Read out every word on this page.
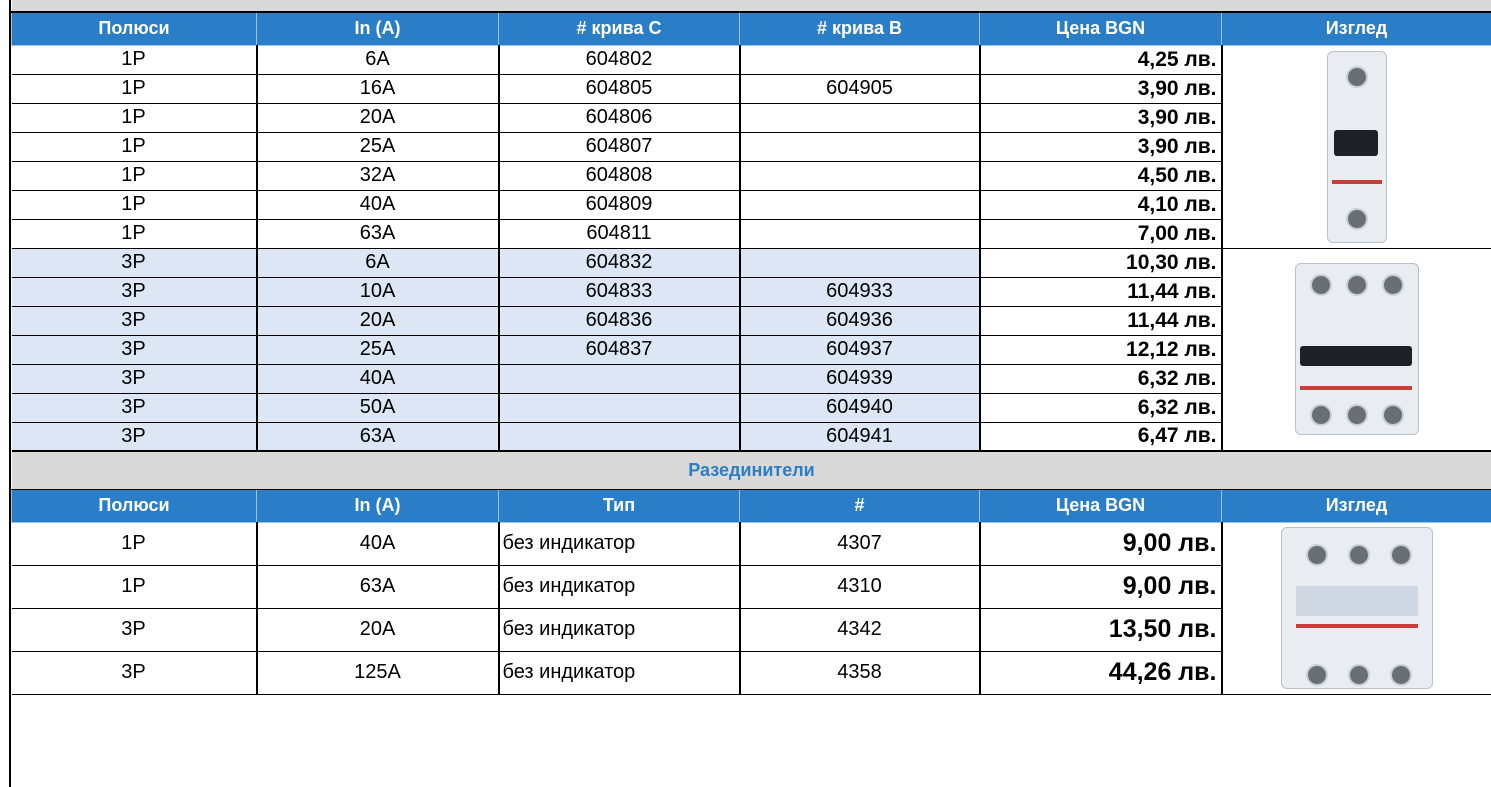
Полюси	In (A)	# крива C	# крива B	Цена BGN	Изглед
1P	6A	604802		4,25 лв.	

1P	16A	604805	604905	3,90 лв.	
1P	20A	604806		3,90 лв.	
1P	25A	604807		3,90 лв.	
1P	32A	604808		4,50 лв.	
1P	40A	604809		4,10 лв.	
1P	63A	604811		7,00 лв.	
3P	6A	604832		10,30 лв.	

3P	10A	604833	604933	11,44 лв.	
3P	20A	604836	604936	11,44 лв.	
3P	25A	604837	604937	12,12 лв.	
3P	40A		604939	6,32 лв.	
3P	50A		604940	6,32 лв.	
3P	63A		604941	6,47 лв.	
Разединители					
Полюси	In (A)	Тип	#	Цена BGN	Изглед
1P	40A	без индикатор	4307	9,00 лв.	

1P	63A	без индикатор	4310	9,00 лв.	
3P	20A	без индикатор	4342	13,50 лв.	
3P	125A	без индикатор	4358	44,26 лв.	
